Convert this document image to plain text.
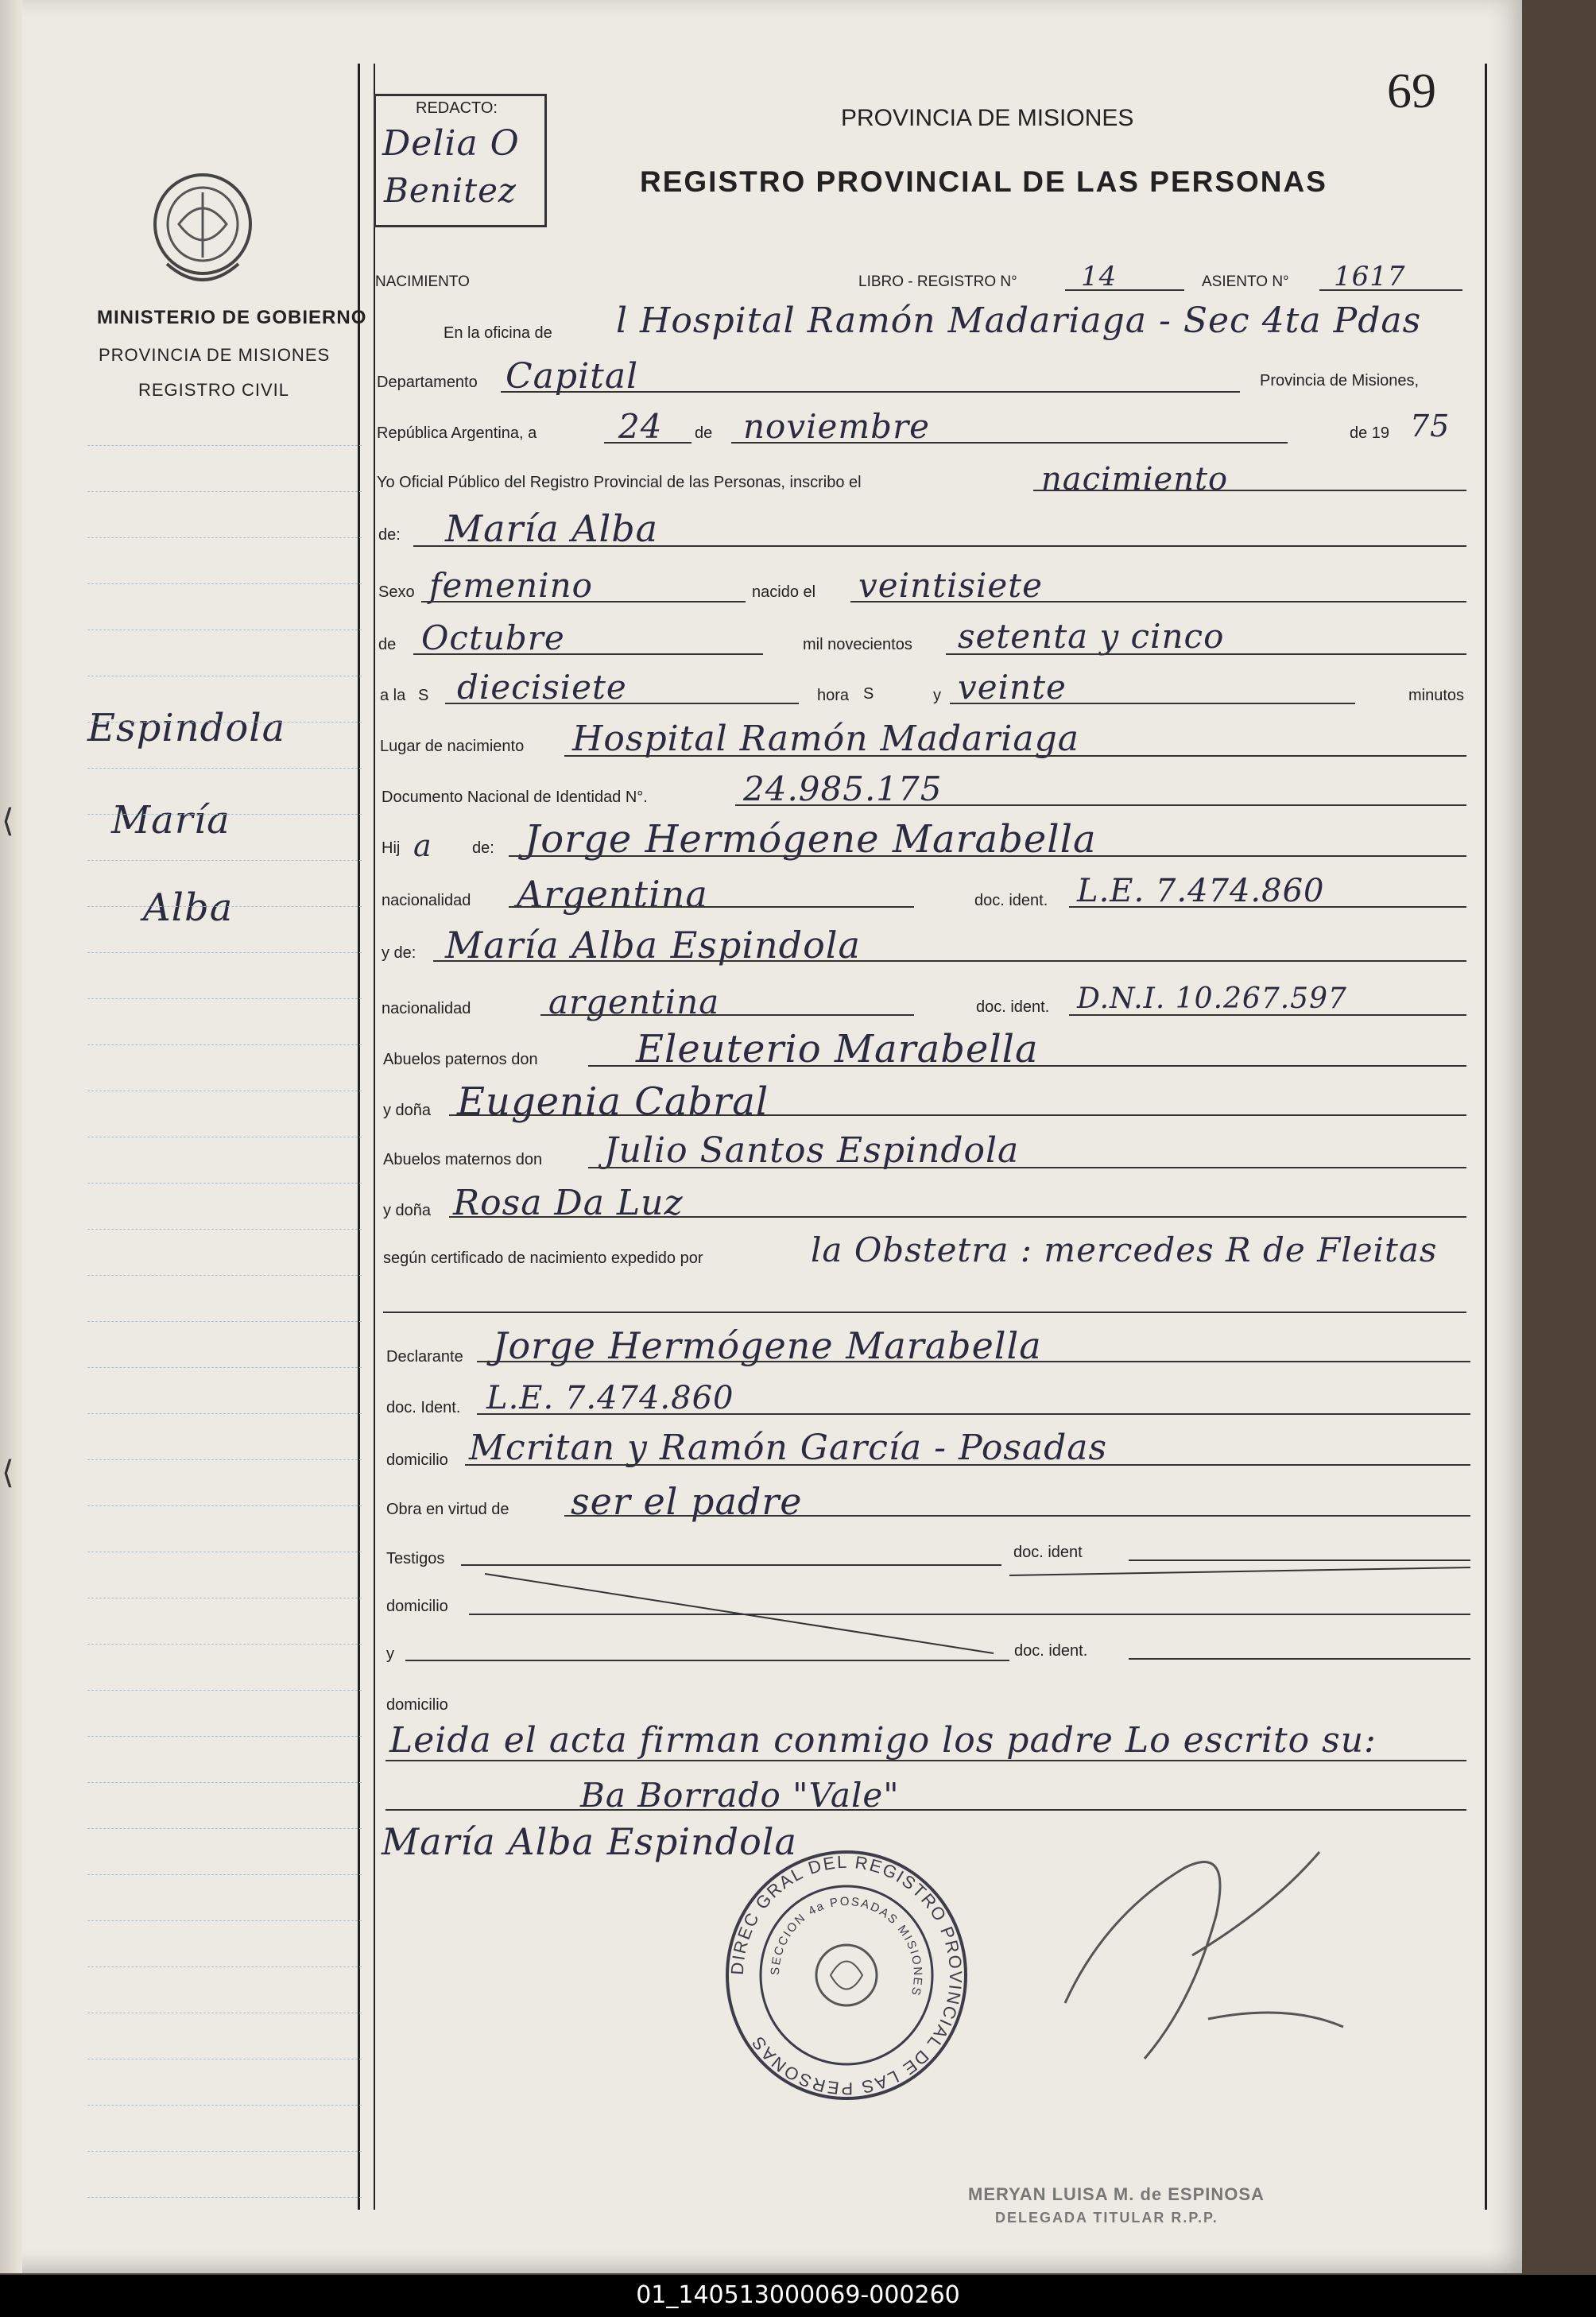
⟨
⟨
69
REDACTO:
Delia O
Benitez
PROVINCIA DE MISIONES
REGISTRO PROVINCIAL DE LAS PERSONAS
MINISTERIO DE GOBIERNO
PROVINCIA DE MISIONES
REGISTRO CIVIL
Espindola
María
Alba
NACIMIENTO	LIBRO - REGISTRO N° 14	ASIENTO N° 1617
En la oficina de l Hospital Ramón Madariaga - Sec 4ta Pdas
Departamento Capital	Provincia de Misiones,
República Argentina, a 24 de noviembre	de 19 75
Yo Oficial Público del Registro Provincial de las Personas, inscribo el	nacimiento
de: María Alba
Sexo femenino	nacido el veintisiete
de Octubre	mil novecientos setenta y cinco
a la S diecisiete	hora S	y veinte	minutos
Lugar de nacimiento Hospital Ramón Madariaga
Documento Nacional de Identidad N°.	24.985.175
Hij a	de: Jorge Hermógene Marabella
nacionalidad Argentina	doc. ident. L.E. 7.474.860
y de: María Alba Espindola
nacionalidad argentina	doc. ident. D.N.I. 10.267.597
Abuelos paternos don	Eleuterio Marabella
y doña Eugenia Cabral
Abuelos maternos don Julio Santos Espindola
y doña Rosa Da Luz
según certificado de nacimiento expedido por	la Obstetra : mercedes R de Fleitas
Declarante Jorge Hermógene Marabella
doc. Ident. L.E. 7.474.860
domicilio Mcritan y Ramón García - Posadas
Obra en virtud de ser el padre
Testigos	doc. ident
domicilio
y	doc. ident.
domicilio
Leida el acta firman conmigo los padre Lo escrito su:
Ba Borrado "Vale"
María Alba Espindola
DIREC GRAL DEL REGISTRO PROVINCIAL DE LAS PERSONAS
SECCION 4a POSADAS MISIONES
MERYAN LUISA M. de ESPINOSA
DELEGADA TITULAR R.P.P.
01_140513000069-000260
